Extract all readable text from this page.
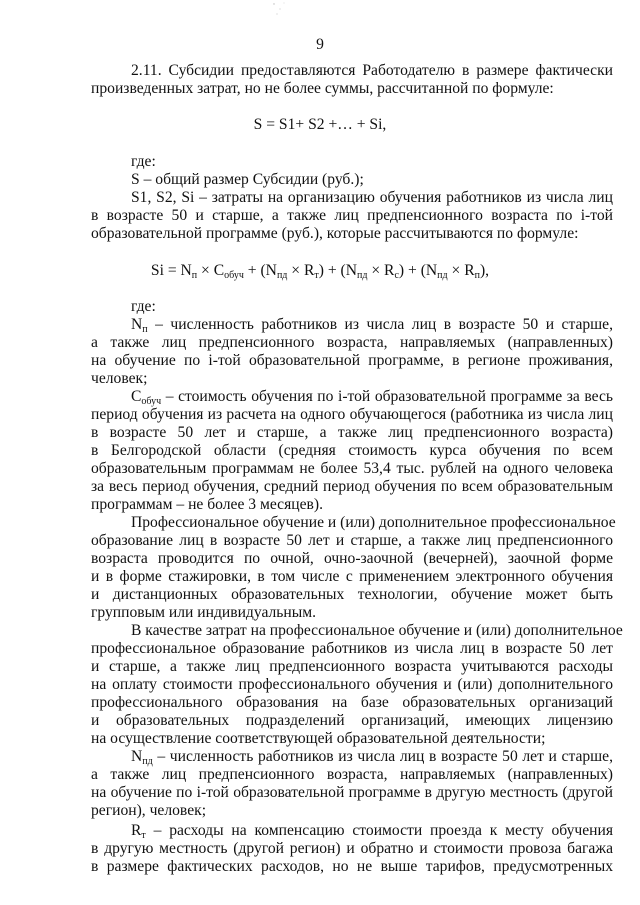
9
2.11. Субсидии предоставляются Работодателю в размере фактически
произведенных затрат, но не более суммы, рассчитанной по формуле:
S = S1+ S2 +… + Si,
где:
S – общий размер Субсидии (руб.);
S1, S2, Si – затраты на организацию обучения работников из числа лиц
в возрасте 50 и старше, а также лиц предпенсионного возраста по i-той
образовательной программе (руб.), которые рассчитываются по формуле:
$Si = N_п \times C_{обуч} + (N_{пд} \times R_т) + (N_{пд} \times R_с) + (N_{пд} \times R_п)$,
где:
$N_п$ – численность работников из числа лиц в возрасте 50 и старше,
а также лиц предпенсионного возраста, направляемых (направленных)
на обучение по i-той образовательной программе, в регионе проживания,
человек;
$С_{обуч}$ – стоимость обучения по i-той образовательной программе за весь
период обучения из расчета на одного обучающегося (работника из числа лиц
в возрасте 50 лет и старше, а также лиц предпенсионного возраста)
в Белгородской области (средняя стоимость курса обучения по всем
образовательным программам не более 53,4 тыс. рублей на одного человека
за весь период обучения, средний период обучения по всем образовательным
программам – не более 3 месяцев).
Профессиональное обучение и (или) дополнительное профессиональное
образование лиц в возрасте 50 лет и старше, а также лиц предпенсионного
возраста проводится по очной, очно-заочной (вечерней), заочной форме
и в форме стажировки, в том числе с применением электронного обучения
и дистанционных образовательных технологии, обучение может быть
групповым или индивидуальным.
В качестве затрат на профессиональное обучение и (или) дополнительное
профессиональное образование работников из числа лиц в возрасте 50 лет
и старше, а также лиц предпенсионного возраста учитываются расходы
на оплату стоимости профессионального обучения и (или) дополнительного
профессионального образования на базе образовательных организаций
и образовательных подразделений организаций, имеющих лицензию
на осуществление соответствующей образовательной деятельности;
$N_{пд}$ – численность работников из числа лиц в возрасте 50 лет и старше,
а также лиц предпенсионного возраста, направляемых (направленных)
на обучение по i-той образовательной программе в другую местность (другой
регион), человек;
$R_т$ – расходы на компенсацию стоимости проезда к месту обучения
в другую местность (другой регион) и обратно и стоимости провоза багажа
в размере фактических расходов, но не выше тарифов, предусмотренных
